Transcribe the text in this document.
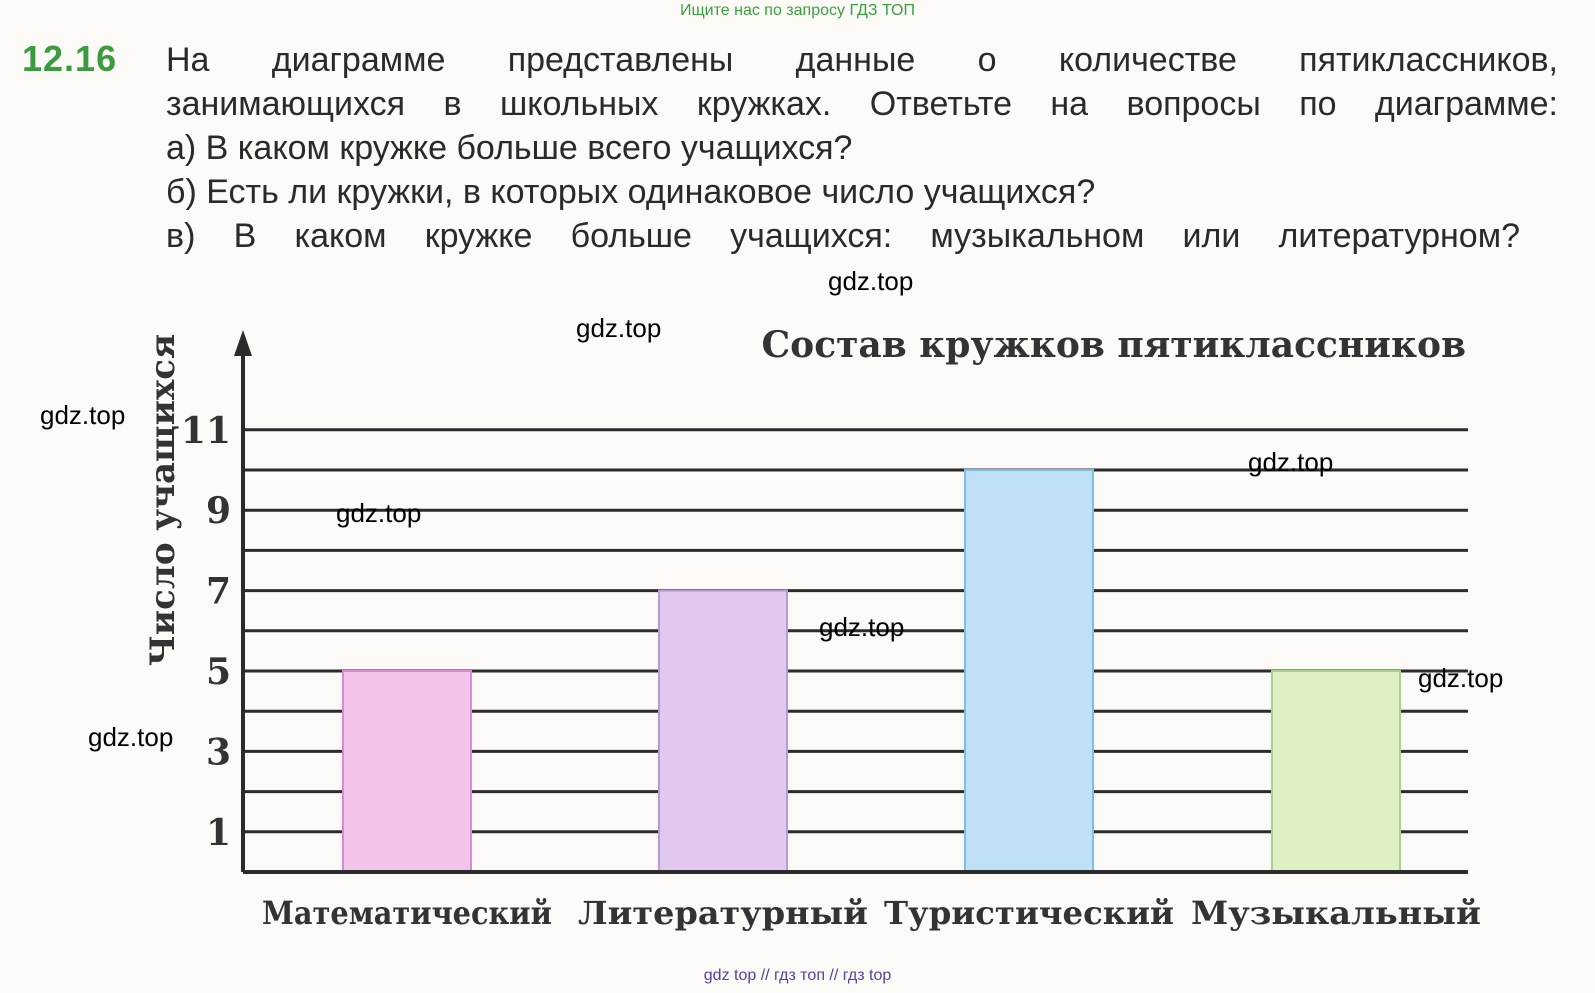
Ищите нас по запросу ГДЗ ТОП
12.16 На диаграмме представлены данные о количестве пятиклассников,
занимающихся в школьных кружках. Ответьте на вопросы по диаграмме:
а) В каком кружке больше всего учащихся?
б) Есть ли кружки, в которых одинаковое число учащихся?
в) В каком кружке больше учащихся: музыкальном или литературном?
Состав кружков пятиклассников
Число учащихся
1
3
5
7
9
11
Математический Литературный Туристический Музыкальный
gdz.top
gdz.top
gdz.top
gdz.top
gdz.top
gdz.top
gdz.top
gdz.top
gdz top // гдз топ // гдз top
